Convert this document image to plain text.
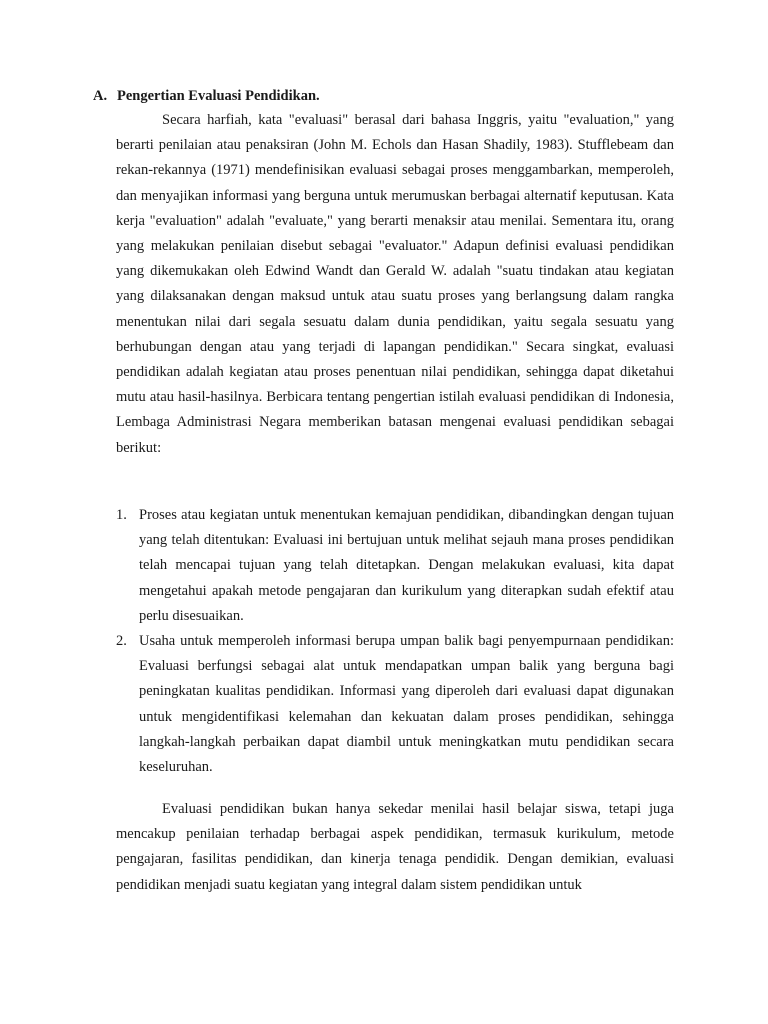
A. Pengertian Evaluasi Pendidikan.

Secara harfiah, kata "evaluasi" berasal dari bahasa Inggris, yaitu "evaluation," yang berarti penilaian atau penaksiran (John M. Echols dan Hasan Shadily, 1983). Stufflebeam dan rekan-rekannya (1971) mendefinisikan evaluasi sebagai proses menggambarkan, memperoleh, dan menyajikan informasi yang berguna untuk merumuskan berbagai alternatif keputusan. Kata kerja "evaluation" adalah "evaluate," yang berarti menaksir atau menilai. Sementara itu, orang yang melakukan penilaian disebut sebagai "evaluator." Adapun definisi evaluasi pendidikan yang dikemukakan oleh Edwind Wandt dan Gerald W. adalah "suatu tindakan atau kegiatan yang dilaksanakan dengan maksud untuk atau suatu proses yang berlangsung dalam rangka menentukan nilai dari segala sesuatu dalam dunia pendidikan, yaitu segala sesuatu yang berhubungan dengan atau yang terjadi di lapangan pendidikan." Secara singkat, evaluasi pendidikan adalah kegiatan atau proses penentuan nilai pendidikan, sehingga dapat diketahui mutu atau hasil-hasilnya. Berbicara tentang pengertian istilah evaluasi pendidikan di Indonesia, Lembaga Administrasi Negara memberikan batasan mengenai evaluasi pendidikan sebagai berikut:

1. Proses atau kegiatan untuk menentukan kemajuan pendidikan, dibandingkan dengan tujuan yang telah ditentukan: Evaluasi ini bertujuan untuk melihat sejauh mana proses pendidikan telah mencapai tujuan yang telah ditetapkan. Dengan melakukan evaluasi, kita dapat mengetahui apakah metode pengajaran dan kurikulum yang diterapkan sudah efektif atau perlu disesuaikan.
2. Usaha untuk memperoleh informasi berupa umpan balik bagi penyempurnaan pendidikan: Evaluasi berfungsi sebagai alat untuk mendapatkan umpan balik yang berguna bagi peningkatan kualitas pendidikan. Informasi yang diperoleh dari evaluasi dapat digunakan untuk mengidentifikasi kelemahan dan kekuatan dalam proses pendidikan, sehingga langkah-langkah perbaikan dapat diambil untuk meningkatkan mutu pendidikan secara keseluruhan.

Evaluasi pendidikan bukan hanya sekedar menilai hasil belajar siswa, tetapi juga mencakup penilaian terhadap berbagai aspek pendidikan, termasuk kurikulum, metode pengajaran, fasilitas pendidikan, dan kinerja tenaga pendidik. Dengan demikian, evaluasi pendidikan menjadi suatu kegiatan yang integral dalam sistem pendidikan untuk
